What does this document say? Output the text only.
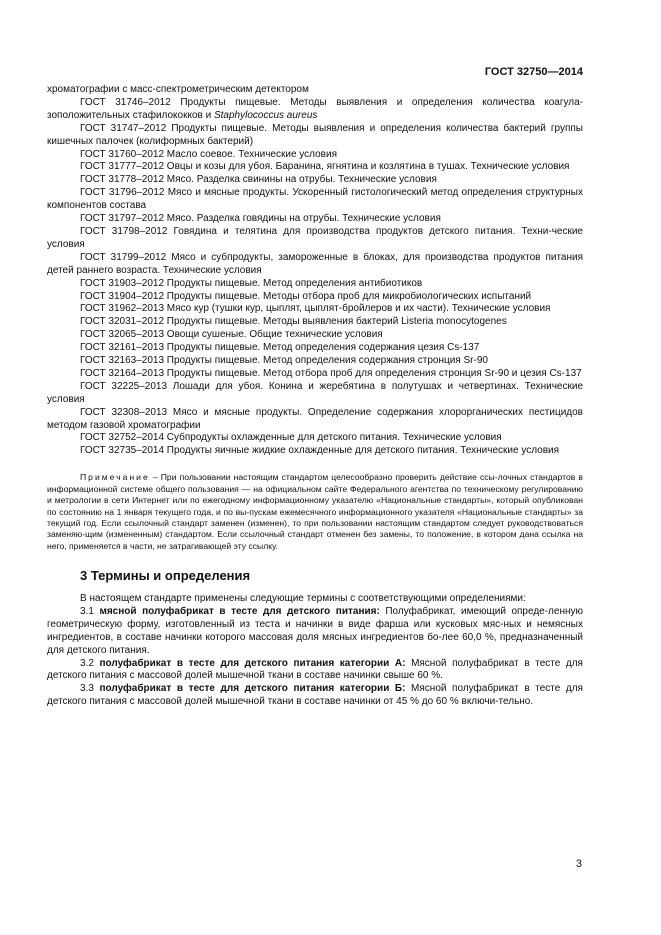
ГОСТ 32750—2014

хроматографии с масс-спектрометрическим детектором

ГОСТ 31746–2012 Продукты пищевые. Методы выявления и определения количества коагула-зоположительных стафилококков и Staphylococcus aureus

ГОСТ 31747–2012 Продукты пищевые. Методы выявления и определения количества бактерий группы кишечных палочек (колиформных бактерий)

ГОСТ 31760–2012 Масло соевое. Технические условия

ГОСТ 31777–2012 Овцы и козы для убоя. Баранина, ягнятина и козлятина в тушах. Технические условия

ГОСТ 31778–2012 Мясо. Разделка свинины на отрубы. Технические условия

ГОСТ 31796–2012 Мясо и мясные продукты. Ускоренный гистологический метод определения структурных компонентов состава

ГОСТ 31797–2012 Мясо. Разделка говядины на отрубы. Технические условия

ГОСТ 31798–2012 Говядина и телятина для производства продуктов детского питания. Техни-ческие условия

ГОСТ 31799–2012 Мясо и субпродукты, замороженные в блоках, для производства продуктов питания детей раннего возраста. Технические условия

ГОСТ 31903–2012 Продукты пищевые. Метод определения антибиотиков

ГОСТ 31904–2012 Продукты пищевые. Методы отбора проб для микробиологических испытаний

ГОСТ 31962–2013 Мясо кур (тушки кур, цыплят, цыплят-бройлеров и их части). Технические условия

ГОСТ 32031–2012 Продукты пищевые. Методы выявления бактерий Listeria monocytogenes

ГОСТ 32065–2013 Овощи сушеные. Общие технические условия

ГОСТ 32161–2013 Продукты пищевые. Метод определения содержания цезия Cs-137

ГОСТ 32163–2013 Продукты пищевые. Метод определения содержания стронция Sr-90

ГОСТ 32164–2013 Продукты пищевые. Метод отбора проб для определения стронция Sr-90 и цезия Cs-137

ГОСТ 32225–2013 Лошади для убоя. Конина и жеребятина в полутушах и четвертинах. Технические условия

ГОСТ 32308–2013 Мясо и мясные продукты. Определение содержания хлорорганических пестицидов методом газовой хроматографии

ГОСТ 32752–2014 Субпродукты охлажденные для детского питания. Технические условия

ГОСТ 32735–2014 Продукты яичные жидкие охлажденные для детского питания. Технические условия

Примечание – При пользовании настоящим стандартом целесообразно проверить действие ссы-лочных стандартов в информационной системе общего пользования — на официальном сайте Федерального агентства по техническому регулированию и метрологии в сети Интернет или по ежегодному информационному указателю «Национальные стандарты», который опубликован по состоянию на 1 января текущего года, и по вы-пускам ежемесячного информационного указателя «Национальные стандарты» за текущий год. Если ссылочный стандарт заменен (изменен), то при пользовании настоящим стандартом следует руководствоваться заменяю-щим (измененным) стандартом. Если ссылочный стандарт отменен без замены, то положение, в котором дана ссылка на него, применяется в части, не затрагивающей эту ссылку.

3 Термины и определения

В настоящем стандарте применены следующие термины с соответствующими определениями:

3.1 мясной полуфабрикат в тесте для детского питания: Полуфабрикат, имеющий опреде-ленную геометрическую форму, изготовленный из теста и начинки в виде фарша или кусковых мяс-ных и немясных ингредиентов, в составе начинки которого массовая доля мясных ингредиентов бо-лее 60,0 %, предназначенный для детского питания.

3.2 полуфабрикат в тесте для детского питания категории А: Мясной полуфабрикат в тесте для детского питания с массовой долей мышечной ткани в составе начинки свыше 60 %.

3.3 полуфабрикат в тесте для детского питания категории Б: Мясной полуфабрикат в тесте для детского питания с массовой долей мышечной ткани в составе начинки от 45 % до 60 % включи-тельно.

3
